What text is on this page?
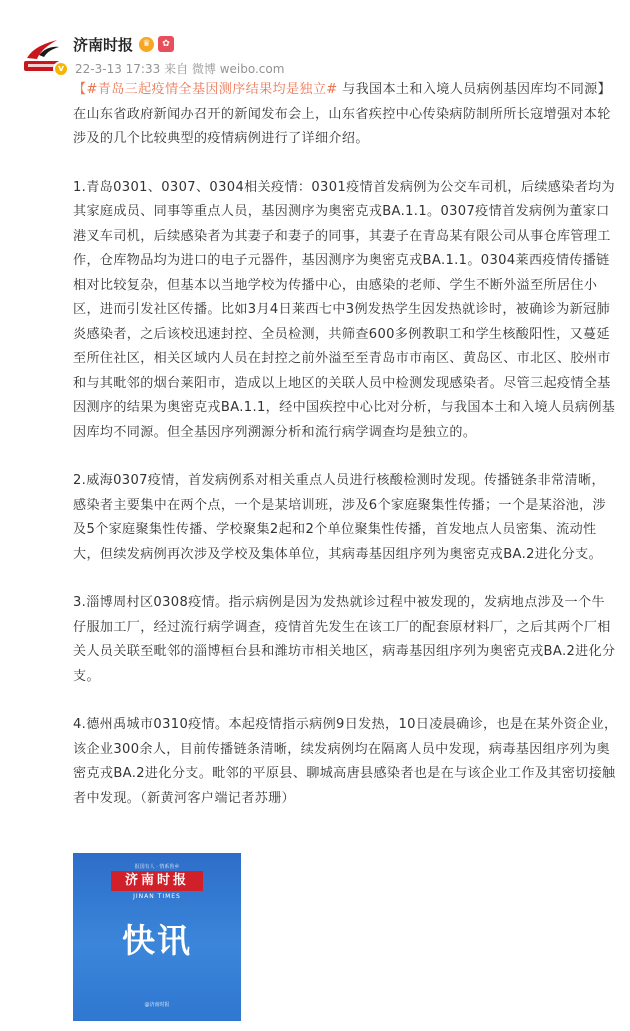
v
济南时报	♛	✿
22-3-13 17:33 来自 微博 weibo.com

【#青岛三起疫情全基因测序结果均是独立# 与我国本土和入境人员病例基因库均不同源】在山东省政府新闻办召开的新闻发布会上，山东省疾控中心传染病防制所所长寇增强对本轮涉及的几个比较典型的疫情病例进行了详细介绍。

1.青岛0301、0307、0304相关疫情：0301疫情首发病例为公交车司机，后续感染者均为其家庭成员、同事等重点人员，基因测序为奥密克戎BA.1.1。0307疫情首发病例为董家口港叉车司机，后续感染者为其妻子和妻子的同事，其妻子在青岛某有限公司从事仓库管理工作，仓库物品均为进口的电子元器件，基因测序为奥密克戎BA.1.1。0304莱西疫情传播链相对比较复杂，但基本以当地学校为传播中心，由感染的老师、学生不断外溢至所居住小区，进而引发社区传播。比如3月4日莱西七中3例发热学生因发热就诊时，被确诊为新冠肺炎感染者，之后该校迅速封控、全员检测，共筛查600多例教职工和学生核酸阳性，又蔓延至所住社区，相关区域内人员在封控之前外溢至至青岛市市南区、黄岛区、市北区、胶州市和与其毗邻的烟台莱阳市，造成以上地区的关联人员中检测发现感染者。尽管三起疫情全基因测序的结果为奥密克戎BA.1.1，经中国疾控中心比对分析，与我国本土和入境人员病例基因库均不同源。但全基因序列溯源分析和流行病学调查均是独立的。

2.威海0307疫情，首发病例系对相关重点人员进行核酸检测时发现。传播链条非常清晰，感染者主要集中在两个点，一个是某培训班，涉及6个家庭聚集性传播；一个是某浴池，涉及5个家庭聚集性传播、学校聚集2起和2个单位聚集性传播，首发地点人员密集、流动性大，但续发病例再次涉及学校及集体单位，其病毒基因组序列为奥密克戎BA.2进化分支。

3.淄博周村区0308疫情。指示病例是因为发热就诊过程中被发现的，发病地点涉及一个牛仔服加工厂，经过流行病学调查，疫情首先发生在该工厂的配套原材料厂，之后其两个厂相关人员关联至毗邻的淄博桓台县和潍坊市相关地区，病毒基因组序列为奥密克戎BA.2进化分支。

4.德州禹城市0310疫情。本起疫情指示病例9日发热，10日凌晨确诊，也是在某外资企业，该企业300余人，目前传播链条清晰，续发病例均在隔离人员中发现，病毒基因组序列为奥密克戎BA.2进化分支。毗邻的平原县、聊城高唐县感染者也是在与该企业工作及其密切接触者中发现。（新黄河客户端记者苏珊）

报国有人 · 情系鲁乡
济南时报
JINAN TIMES
快讯
@济南时报
